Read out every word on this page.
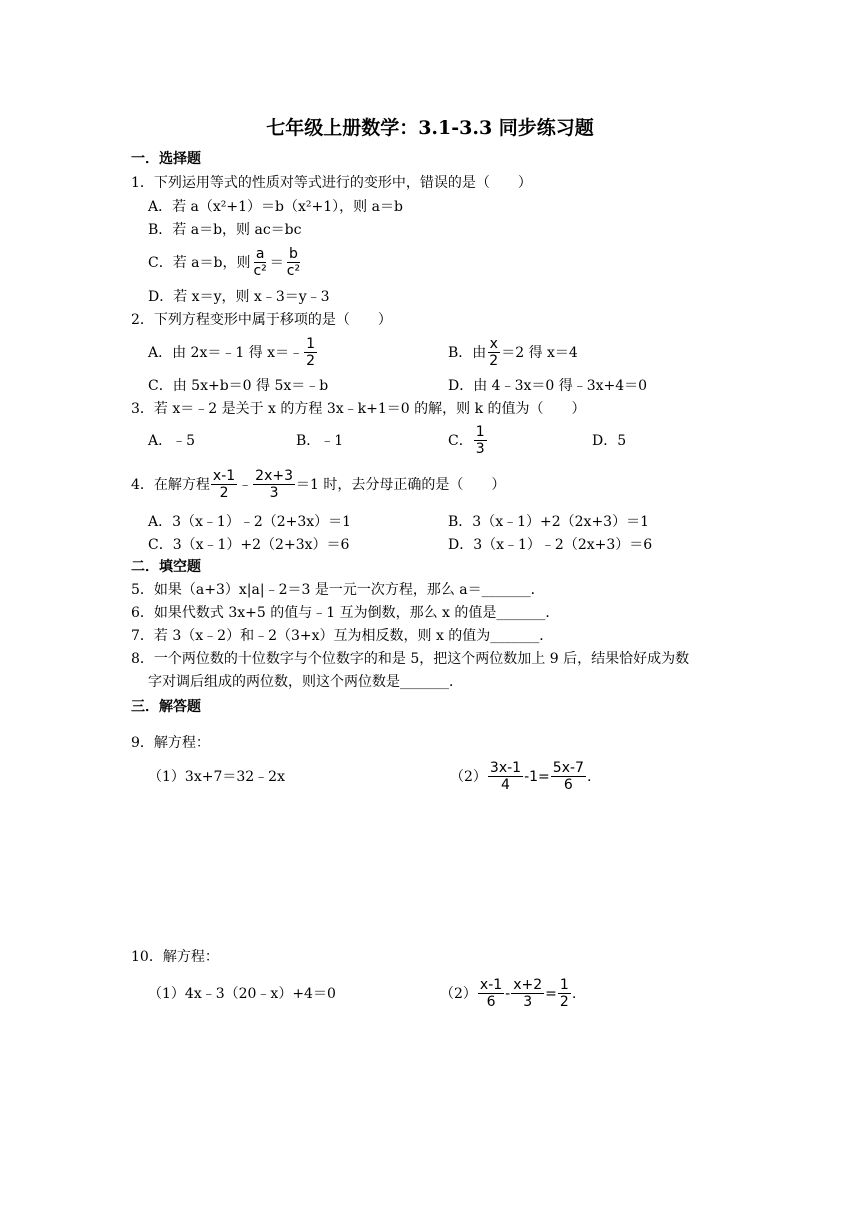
七年级上册数学：3.1-3.3 同步练习题
一．选择题
1．下列运用等式的性质对等式进行的变形中，错误的是（　　）
A．若 a（x²+1）＝b（x²+1），则 a＝b
B．若 a＝b，则 ac＝bc
C．若 a＝b，则 $\frac{a}{\text{c²}} = \frac{b}{\text{c²}}$
D．若 x＝y，则 x﹣3＝y﹣3
2．下列方程变形中属于移项的是（　　）
A．由 2x＝﹣1 得 x＝﹣ $\frac{1}{2}$	B．由 $\frac{x}{2} =2$ 得 x＝4
C．由 5x+b＝0 得 5x＝﹣b	D．由 4﹣3x＝0 得﹣3x+4＝0
3．若 x＝﹣2 是关于 x 的方程 3x﹣k+1＝0 的解，则 k 的值为（　　）
A．﹣5	B．﹣1	C． $\frac{1}{3}$	D．5
4．在解方程 $\frac{x-1}{2}$ ﹣ $\frac{2x+3}{3} =1$ 时，去分母正确的是（　　）
A．3（x﹣1）﹣2（2+3x）＝1	B．3（x﹣1）+2（2x+3）＝1
C．3（x﹣1）+2（2+3x）＝6	D．3（x﹣1）﹣2（2x+3）＝6
二．填空题
5．如果（a+3）x|a|﹣2＝3 是一元一次方程，那么 a＝_______．
6．如果代数式 3x+5 的值与﹣1 互为倒数，那么 x 的值是_______．
7．若 3（x﹣2）和﹣2（3+x）互为相反数，则 x 的值为_______．
8．一个两位数的十位数字与个位数字的和是 5，把这个两位数加上 9 后，结果恰好成为数
字对调后组成的两位数，则这个两位数是_______．
三．解答题
9．解方程：
（1）3x+7＝32﹣2x	$(2) \frac{3x-1}{4} -1= \frac{5x-7}{6}$ .
10．解方程：
（1）4x﹣3（20﹣x）+4＝0	$(2) \frac{x-1}{6} - \frac{x+2}{3} = \frac{1}{2}$ .
